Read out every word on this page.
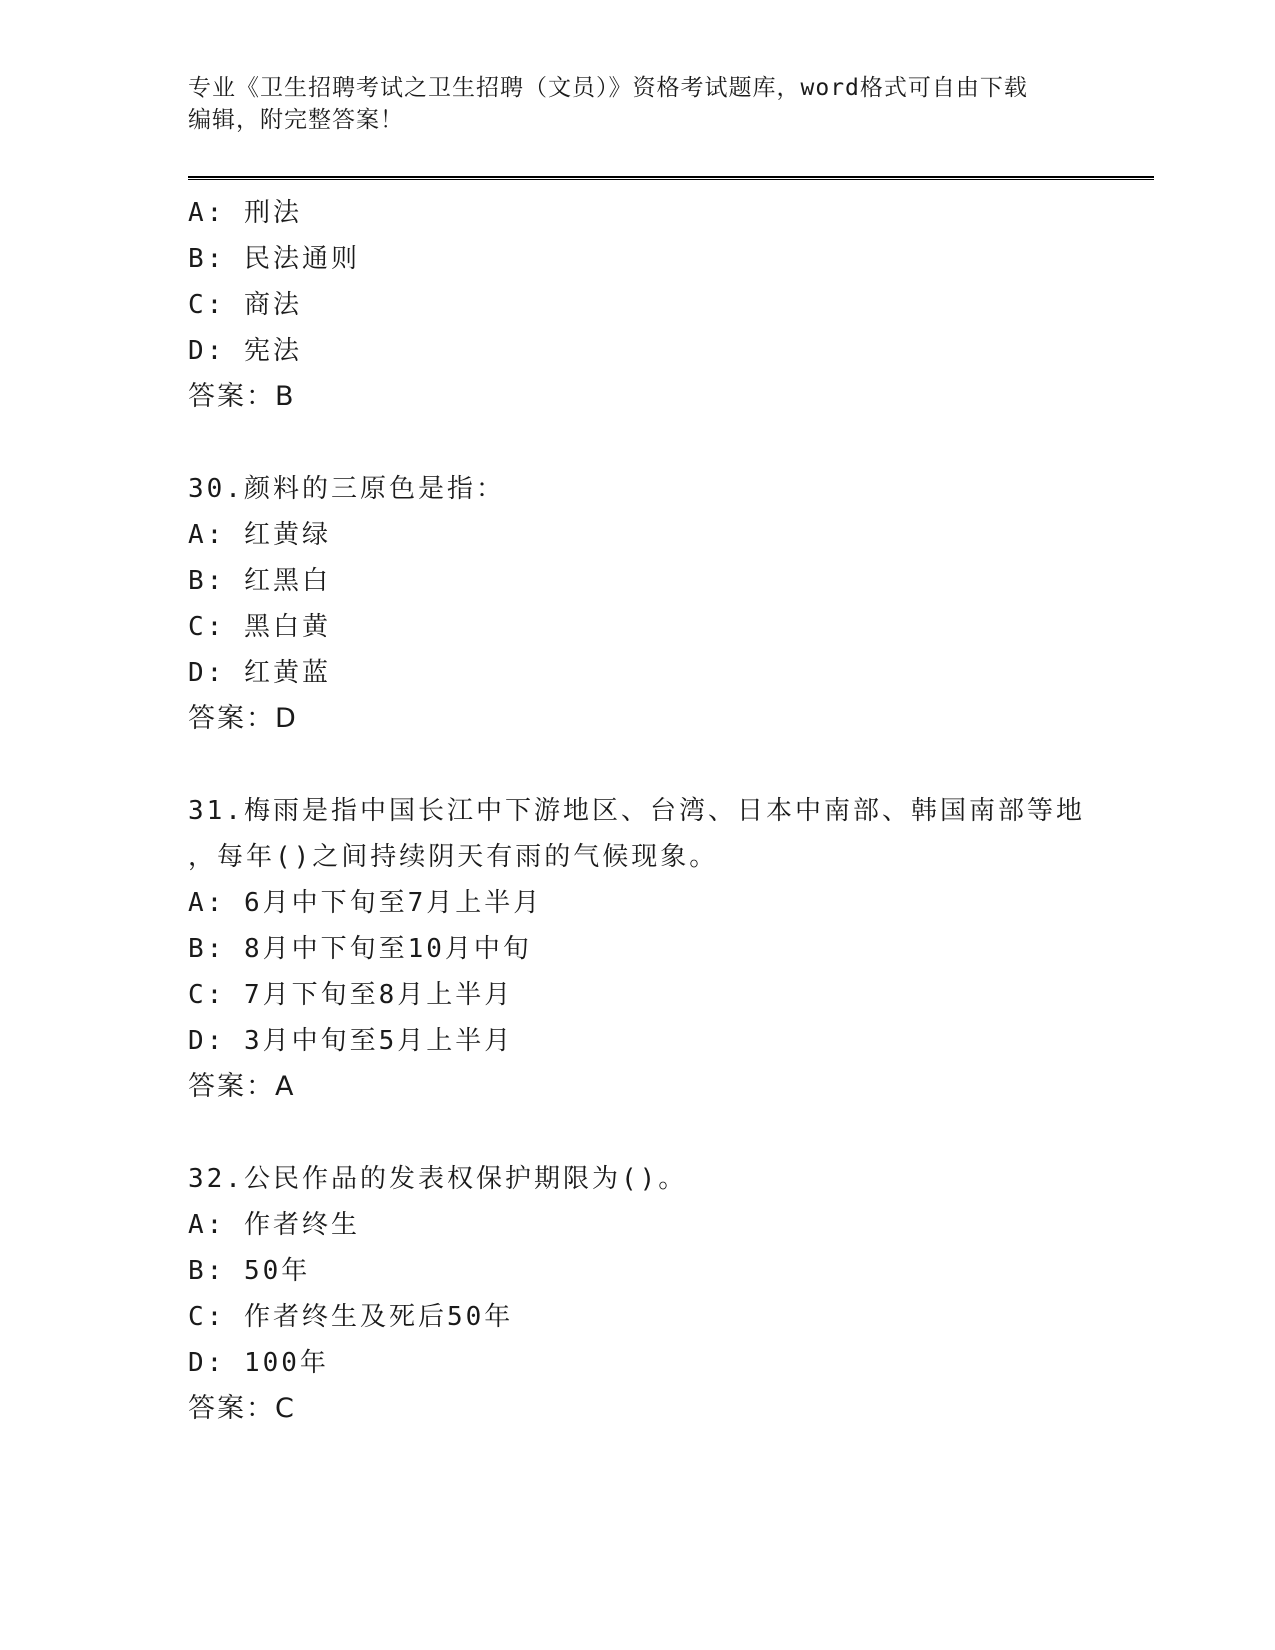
专业《卫生招聘考试之卫生招聘（文员）》资格考试题库，word格式可自由下载
编辑，附完整答案！
A: 刑法
B: 民法通则
C: 商法
D: 宪法
答案：B
30.颜料的三原色是指：
A: 红黄绿
B: 红黑白
C: 黑白黄
D: 红黄蓝
答案：D
31.梅雨是指中国长江中下游地区、台湾、日本中南部、韩国南部等地
，每年()之间持续阴天有雨的气候现象。
A: 6月中下旬至7月上半月
B: 8月中下旬至10月中旬
C: 7月下旬至8月上半月
D: 3月中旬至5月上半月
答案：A
32.公民作品的发表权保护期限为()。
A: 作者终生
B: 50年
C: 作者终生及死后50年
D: 100年
答案：C
